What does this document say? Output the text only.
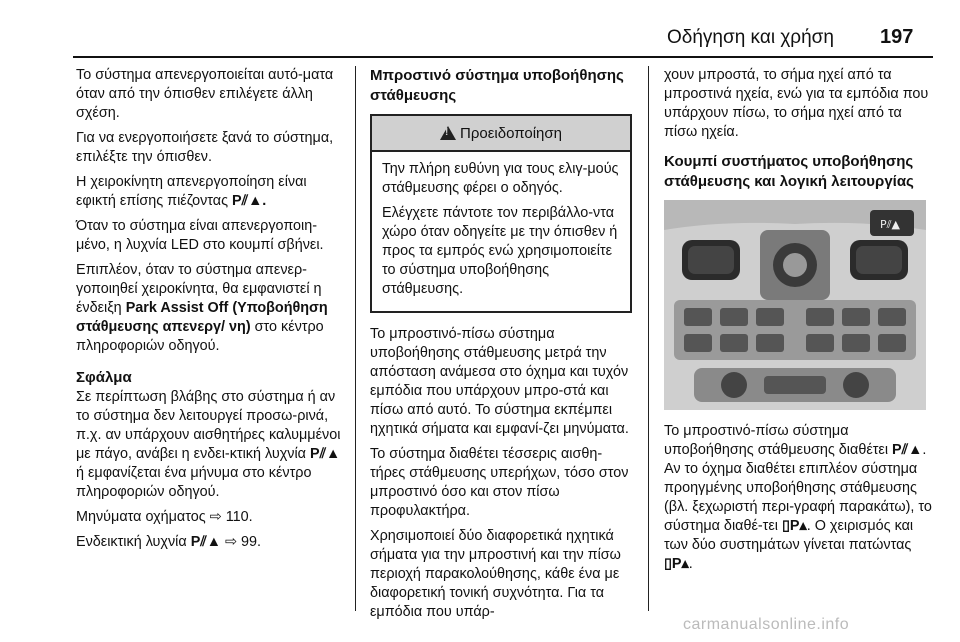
Οδήγηση και χρήση 197
Το σύστημα απενεργοποιείται αυτό-ματα όταν από την όπισθεν επιλέγετε άλλη σχέση.
Για να ενεργοποιήσετε ξανά το σύστημα, επιλέξτε την όπισθεν.
Η χειροκίνητη απενεργοποίηση είναι εφικτή επίσης πιέζοντας P⫽▲.
Όταν το σύστημα είναι απενεργοποιη-μένο, η λυχνία LED στο κουμπί σβήνει.
Επιπλέον, όταν το σύστημα απενερ-γοποιηθεί χειροκίνητα, θα εμφανιστεί η ένδειξη Park Assist Off (Υποβοήθηση στάθμευσης απενεργ/ νη) στο κέντρο πληροφοριών οδηγού.
Σφάλμα
Σε περίπτωση βλάβης στο σύστημα ή αν το σύστημα δεν λειτουργεί προσω-ρινά, π.χ. αν υπάρχουν αισθητήρες καλυμμένοι με πάγο, ανάβει η ενδει-κτική λυχνία P⫽▲ ή εμφανίζεται ένα μήνυμα στο κέντρο πληροφοριών οδηγού.
Μηνύματα οχήματος ⇨ 110.
Ενδεικτική λυχνία P⫽▲ ⇨ 99.
Μπροστινό σύστημα υποβοήθησης στάθμευσης
! Προειδοποίηση
Την πλήρη ευθύνη για τους ελιγ-μούς στάθμευσης φέρει ο οδηγός.
Ελέγχετε πάντοτε τον περιβάλλο-ντα χώρο όταν οδηγείτε με την όπισθεν ή προς τα εμπρός ενώ χρησιμοποιείτε το σύστημα υποβοήθησης στάθμευσης.
Το μπροστινό-πίσω σύστημα υποβοήθησης στάθμευσης μετρά την απόσταση ανάμεσα στο όχημα και τυχόν εμπόδια που υπάρχουν μπρο-στά και πίσω από αυτό. Το σύστημα εκπέμπει ηχητικά σήματα και εμφανί-ζει μηνύματα.
Το σύστημα διαθέτει τέσσερις αισθη-τήρες στάθμευσης υπερήχων, τόσο στον μπροστινό όσο και στον πίσω προφυλακτήρα.
Χρησιμοποιεί δύο διαφορετικά ηχητικά σήματα για την μπροστινή και την πίσω περιοχή παρακολούθησης, κάθε ένα με διαφορετική τονική συχνότητα. Για τα εμπόδια που υπάρ-
χουν μπροστά, το σήμα ηχεί από τα μπροστινά ηχεία, ενώ για τα εμπόδια που υπάρχουν πίσω, το σήμα ηχεί από τα πίσω ηχεία.
Κουμπί συστήματος υποβοήθησης στάθμευσης και λογική λειτουργίας
P⫽▲
Το μπροστινό-πίσω σύστημα υποβοήθησης στάθμευσης διαθέτει P⫽▲. Αν το όχημα διαθέτει επιπλέον σύστημα προηγμένης υποβοήθησης στάθμευσης (βλ. ξεχωριστή περι-γραφή παρακάτω), το σύστημα διαθέ-τει ▯P▴. Ο χειρισμός και των δύο συστημάτων γίνεται πατώντας ▯P▴.
carmanualsonline.info
